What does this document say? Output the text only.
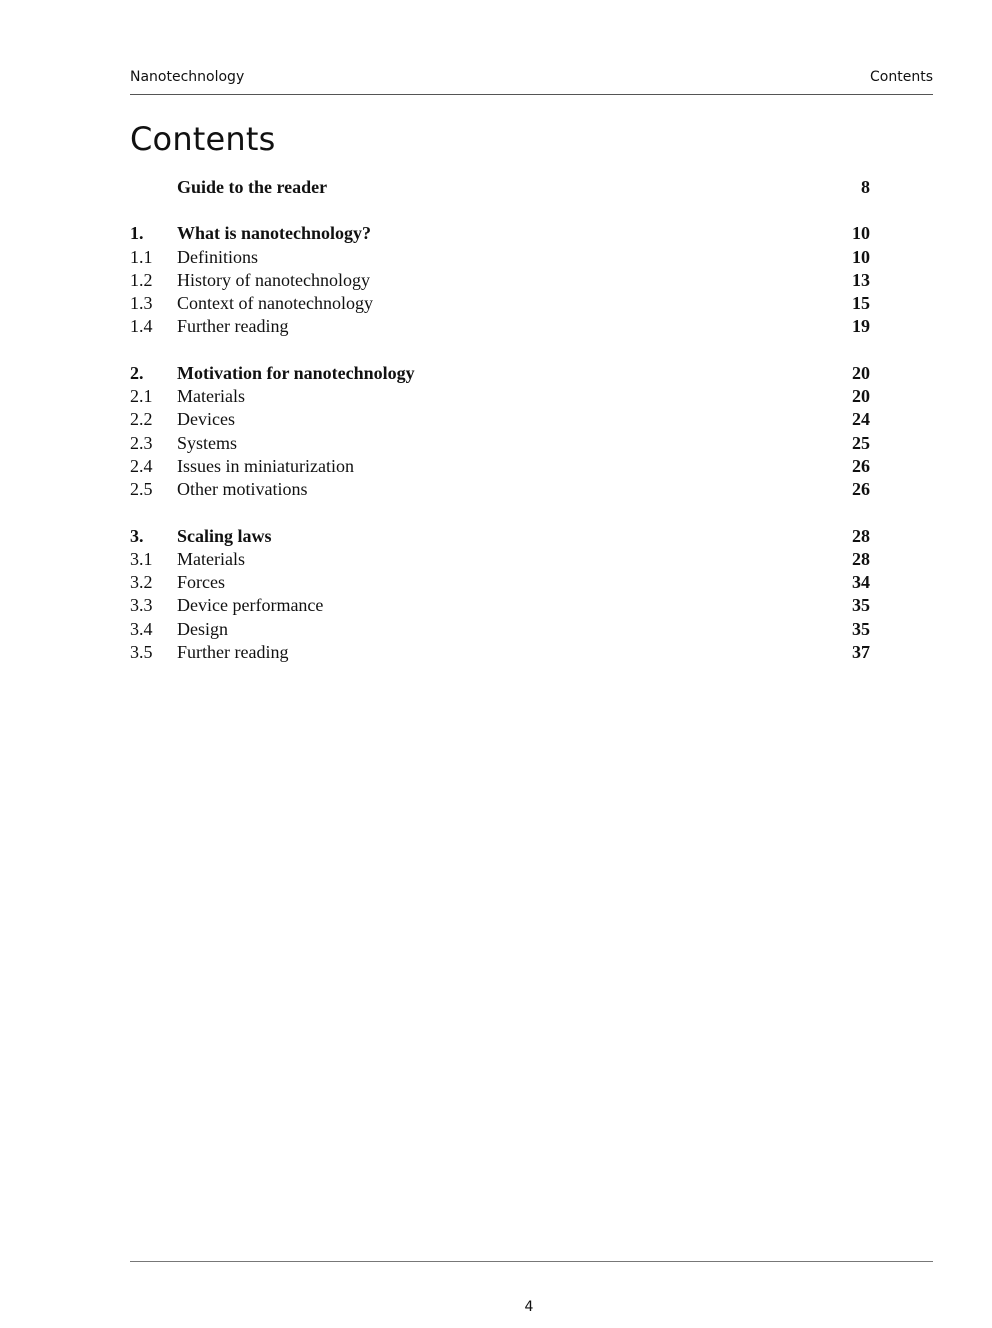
Nanotechnology	Contents
Contents
Guide to the reader	8
1. What is nanotechnology?	10
1.1 Definitions	10
1.2 History of nanotechnology	13
1.3 Context of nanotechnology	15
1.4 Further reading	19
2. Motivation for nanotechnology	20
2.1 Materials	20
2.2 Devices	24
2.3 Systems	25
2.4 Issues in miniaturization	26
2.5 Other motivations	26
3. Scaling laws	28
3.1 Materials	28
3.2 Forces	34
3.3 Device performance	35
3.4 Design	35
3.5 Further reading	37
4
